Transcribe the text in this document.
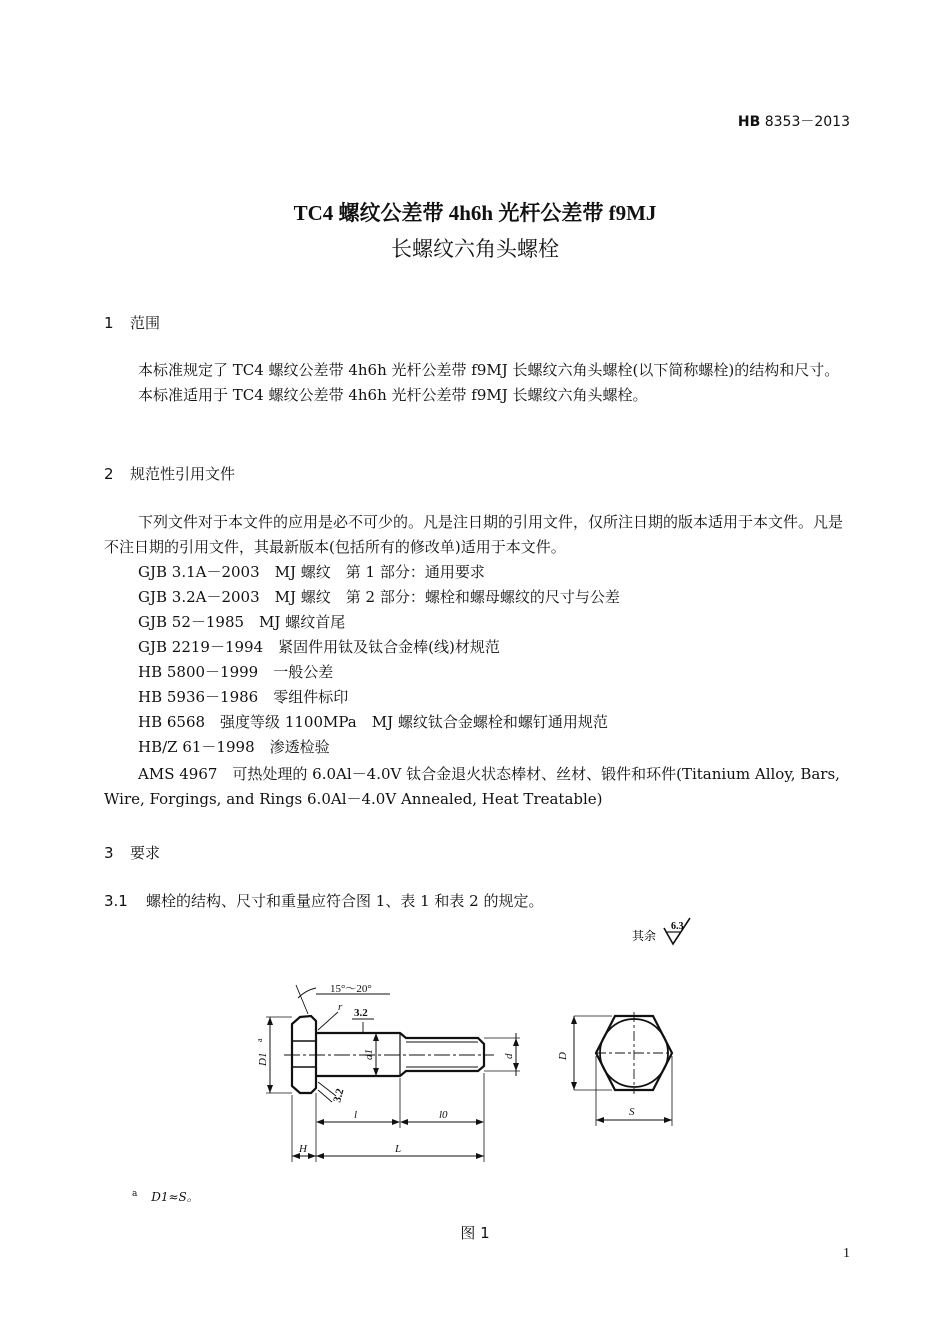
HB 8353－2013
TC4 螺纹公差带 4h6h 光杆公差带 f9MJ
长螺纹六角头螺栓
1 范围

本标准规定了 TC4 螺纹公差带 4h6h 光杆公差带 f9MJ 长螺纹六角头螺栓(以下简称螺栓)的结构和尺寸。

本标准适用于 TC4 螺纹公差带 4h6h 光杆公差带 f9MJ 长螺纹六角头螺栓。

2 规范性引用文件

下列文件对于本文件的应用是必不可少的。凡是注日期的引用文件，仅所注日期的版本适用于本文件。凡是不注日期的引用文件，其最新版本(包括所有的修改单)适用于本文件。

GJB 3.1A－2003　MJ 螺纹　第 1 部分：通用要求
GJB 3.2A－2003　MJ 螺纹　第 2 部分：螺栓和螺母螺纹的尺寸与公差
GJB 52－1985　MJ 螺纹首尾
GJB 2219－1994　紧固件用钛及钛合金棒(线)材规范
HB 5800－1999　一般公差
HB 5936－1986　零组件标印
HB 6568　强度等级 1100MPa　MJ 螺纹钛合金螺栓和螺钉通用规范
HB/Z 61－1998　渗透检验
AMS 4967　可热处理的 6.0Al－4.0V 钛合金退火状态棒材、丝材、锻件和环件(Titanium Alloy, Bars, Wire, Forgings, and Rings 6.0Al－4.0V Annealed, Heat Treatable)
3 要求
3.1 螺栓的结构、尺寸和重量应符合图 1、表 1 和表 2 的规定。
其余
6.3
15°～20°
r 3.2
3.2
D1
a
d1	d
l	l0
H	L
D
S
$^a$ D1≈S。
图 1
1
